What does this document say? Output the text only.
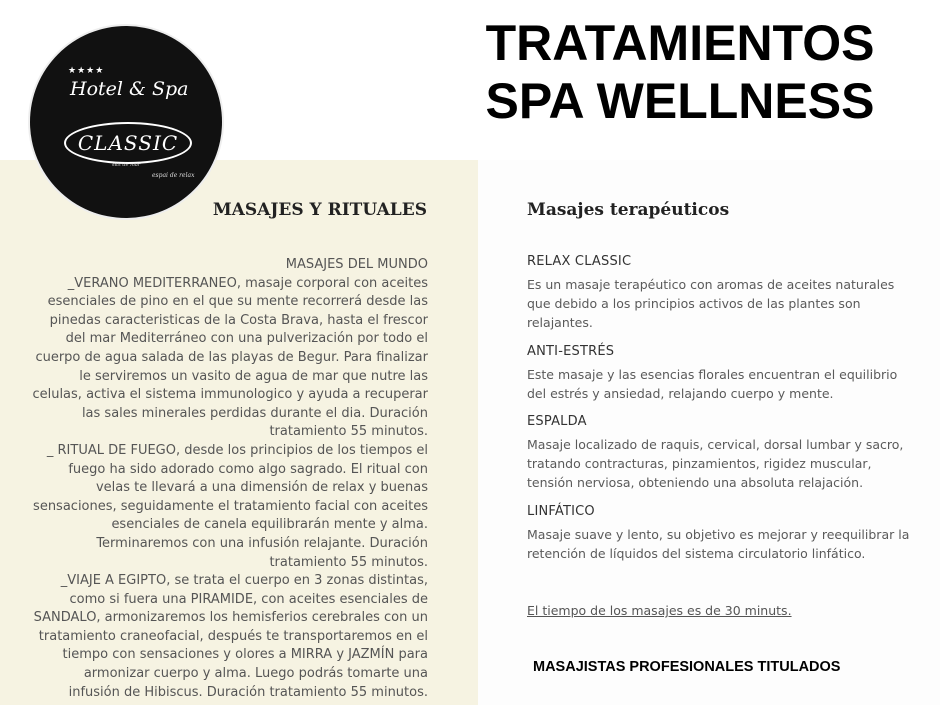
★★★★
Hotel & Spa
CLASSIC
sits de mar
espai de relax
TRATAMIENTOS
SPA WELLNESS
MASAJES Y RITUALES

MASAJES DEL MUNDO

_VERANO MEDITERRANEO, masaje corporal con aceites esenciales de pino en el que su mente recorrerá desde las pinedas caracteristicas de la Costa Brava, hasta el frescor del mar Mediterráneo con una pulverización por todo el cuerpo de agua salada de las playas de Begur. Para finalizar le serviremos un vasito de agua de mar que nutre las celulas, activa el sistema immunologico y ayuda a recuperar las sales minerales perdidas durante el dia. Duración tratamiento 55 minutos.

_ RITUAL DE FUEGO, desde los principios de los tiempos el fuego ha sido adorado como algo sagrado. El ritual con velas te llevará a una dimensión de relax y buenas sensaciones, seguidamente el tratamiento facial con aceites esenciales de canela equilibrarán mente y alma. Terminaremos con una infusión relajante. Duración tratamiento 55 minutos.

_VIAJE A EGIPTO, se trata el cuerpo en 3 zonas distintas, como si fuera una PIRAMIDE, con aceites esenciales de SANDALO, armonizaremos los hemisferios cerebrales con un tratamiento craneofacial, después te transportaremos en el tiempo con sensaciones y olores a MIRRA y JAZMÍN para armonizar cuerpo y alma. Luego podrás tomarte una infusión de Hibiscus. Duración tratamiento 55 minutos.

Masajes terapéuticos
RELAX CLASSIC

Es un masaje terapéutico con aromas de aceites naturales que debido a los principios activos de las plantes son relajantes.

ANTI-ESTRÉS

Este masaje y las esencias florales encuentran el equilibrio del estrés y ansiedad, relajando cuerpo y mente.

ESPALDA

Masaje localizado de raquis, cervical, dorsal lumbar y sacro, tratando contracturas, pinzamientos, rigidez muscular, tensión nerviosa, obteniendo una absoluta relajación.

LINFÁTICO

Masaje suave y lento, su objetivo es mejorar y reequilibrar la retención de líquidos del sistema circulatorio linfático.

El tiempo de los masajes es de 30 minuts.

MASAJISTAS PROFESIONALES TITULADOS
